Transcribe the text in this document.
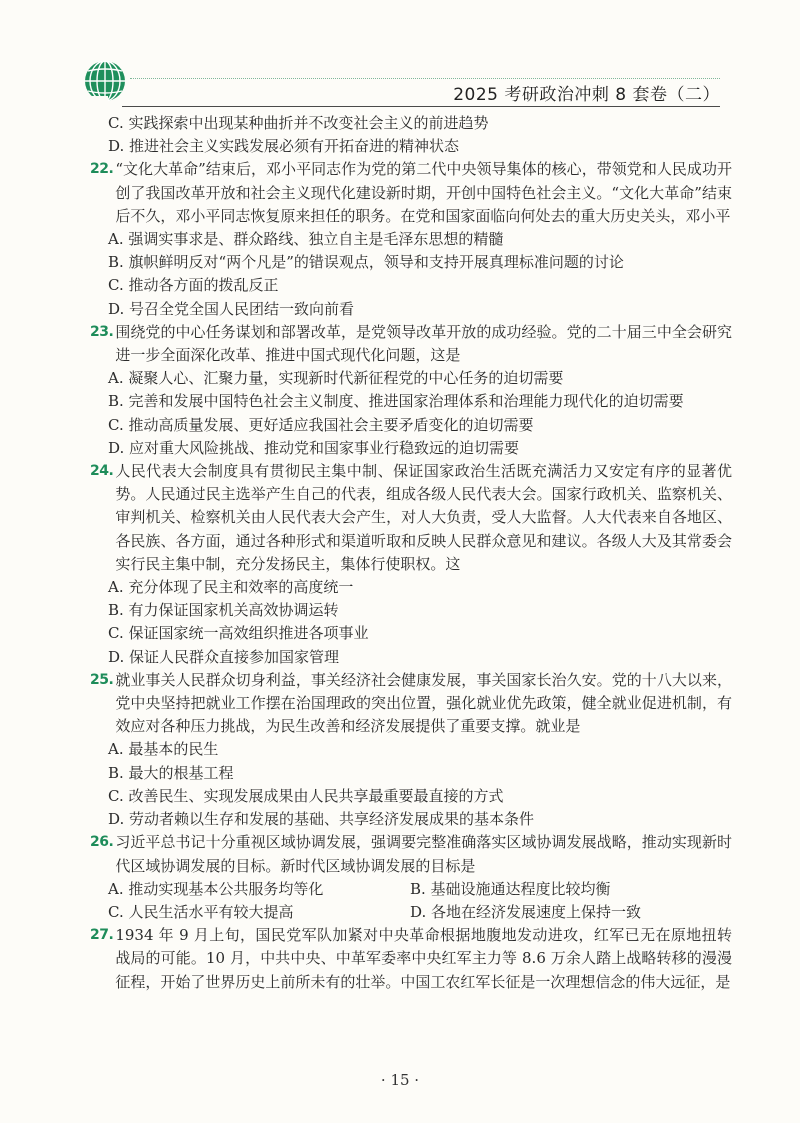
2025 考研政治冲刺 8 套卷（二）
C. 实践探索中出现某种曲折并不改变社会主义的前进趋势
D. 推进社会主义实践发展必须有开拓奋进的精神状态
22. “文化大革命”结束后，邓小平同志作为党的第二代中央领导集体的核心，带领党和人民成功开创了我国改革开放和社会主义现代化建设新时期，开创中国特色社会主义。“文化大革命”结束后不久，邓小平同志恢复原来担任的职务。在党和国家面临向何处去的重大历史关头，邓小平
A. 强调实事求是、群众路线、独立自主是毛泽东思想的精髓
B. 旗帜鲜明反对“两个凡是”的错误观点，领导和支持开展真理标准问题的讨论
C. 推动各方面的拨乱反正
D. 号召全党全国人民团结一致向前看
23. 围绕党的中心任务谋划和部署改革，是党领导改革开放的成功经验。党的二十届三中全会研究进一步全面深化改革、推进中国式现代化问题，这是
A. 凝聚人心、汇聚力量，实现新时代新征程党的中心任务的迫切需要
B. 完善和发展中国特色社会主义制度、推进国家治理体系和治理能力现代化的迫切需要
C. 推动高质量发展、更好适应我国社会主要矛盾变化的迫切需要
D. 应对重大风险挑战、推动党和国家事业行稳致远的迫切需要
24. 人民代表大会制度具有贯彻民主集中制、保证国家政治生活既充满活力又安定有序的显著优势。人民通过民主选举产生自己的代表，组成各级人民代表大会。国家行政机关、监察机关、审判机关、检察机关由人民代表大会产生，对人大负责，受人大监督。人大代表来自各地区、各民族、各方面，通过各种形式和渠道听取和反映人民群众意见和建议。各级人大及其常委会实行民主集中制，充分发扬民主，集体行使职权。这
A. 充分体现了民主和效率的高度统一
B. 有力保证国家机关高效协调运转
C. 保证国家统一高效组织推进各项事业
D. 保证人民群众直接参加国家管理
25. 就业事关人民群众切身利益，事关经济社会健康发展，事关国家长治久安。党的十八大以来，党中央坚持把就业工作摆在治国理政的突出位置，强化就业优先政策，健全就业促进机制，有效应对各种压力挑战，为民生改善和经济发展提供了重要支撑。就业是
A. 最基本的民生
B. 最大的根基工程
C. 改善民生、实现发展成果由人民共享最重要最直接的方式
D. 劳动者赖以生存和发展的基础、共享经济发展成果的基本条件
26. 习近平总书记十分重视区域协调发展，强调要完整准确落实区域协调发展战略，推动实现新时代区域协调发展的目标。新时代区域协调发展的目标是
A. 推动实现基本公共服务均等化	B. 基础设施通达程度比较均衡
C. 人民生活水平有较大提高	D. 各地在经济发展速度上保持一致
27. 1934 年 9 月上旬，国民党军队加紧对中央革命根据地腹地发动进攻，红军已无在原地扭转战局的可能。10 月，中共中央、中革军委率中央红军主力等 8.6 万余人踏上战略转移的漫漫征程，开始了世界历史上前所未有的壮举。中国工农红军长征是一次理想信念的伟大远征，是
· 15 ·
